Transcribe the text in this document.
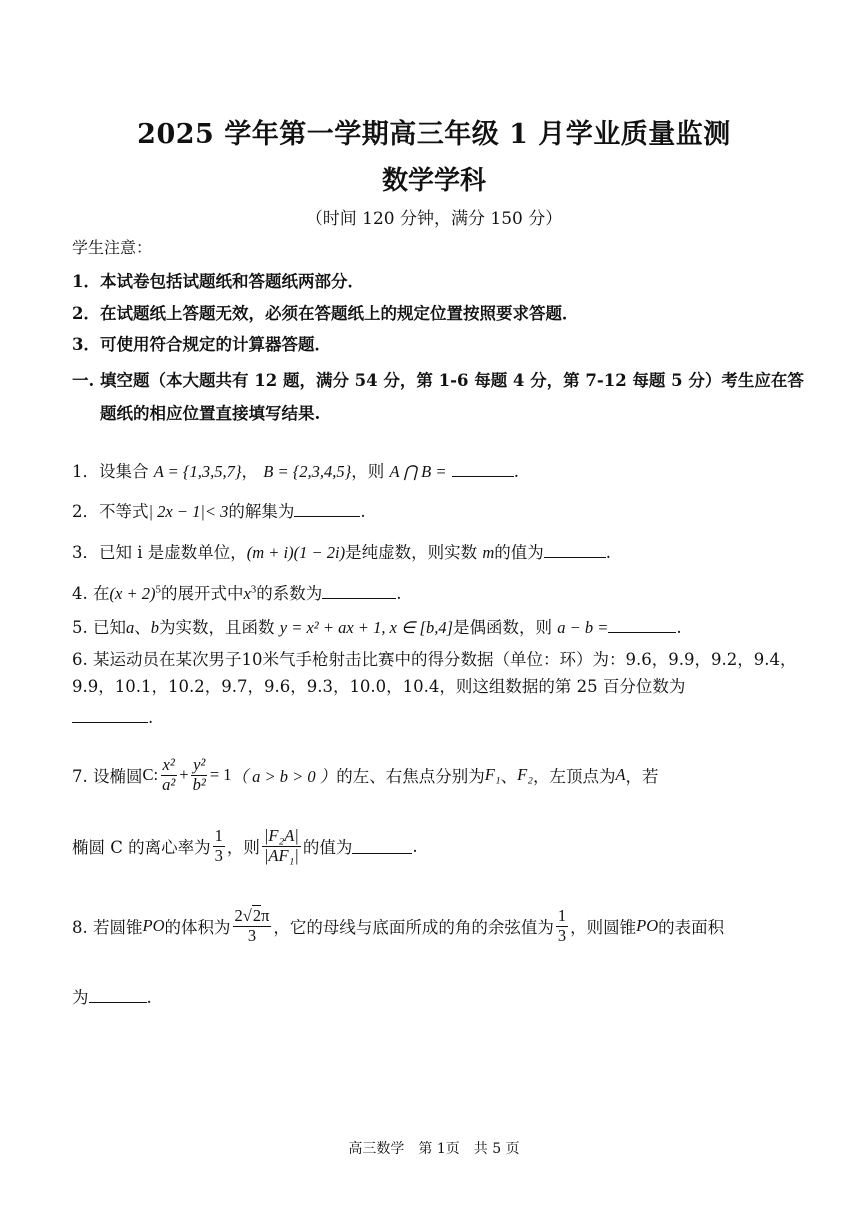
2025 学年第一学期高三年级 1 月学业质量监测
数学学科
（时间 120 分钟，满分 150 分）
学生注意：
1．本试卷包括试题纸和答题纸两部分．
2．在试题纸上答题无效，必须在答题纸上的规定位置按照要求答题．
3．可使用符合规定的计算器答题．
一. 填空题（本大题共有 12 题，满分 54 分，第 1-6 每题 4 分，第 7-12 每题 5 分）考生应在答
题纸的相应位置直接填写结果.
1．设集合 A = {1,3,5,7}， B = {2,3,4,5}，则 A ⋂ B =	.
2．不等式| 2x − 1|< 3的解集为	.
3．已知 i 是虚数单位，(m + i)(1 − 2i)是纯虚数，则实数 m的值为	.
4. 在$(x + 2)^5$的展开式中$x^3$的系数为	.
5. 已知a、b为实数，且函数 y = x² + ax + 1, x ∈ [b,4]是偶函数，则 a − b =	.
6. 某运动员在某次男子10米气手枪射击比赛中的得分数据（单位：环）为：9.6，9.9，9.2，9.4，
9.9，10.1，10.2，9.7，9.6，9.3，10.0，10.4，则这组数据的第 25 百分位数为
.
7. 设椭圆 C: $\frac{\text{x²}}{\text{a²}} + \frac{\text{y²}}{\text{b²}} = 1$ （ a > b > 0 ） 的左、右焦点分别为 F₁ 、 F₂ ，左顶点为 A ，若
椭圆 C 的离心率为 $\frac{1}{3}$ ，则 $\frac{\text{|F₂A|}}{\text{|AF₁|}}$ 的值为	.
8. 若圆锥 PO 的体积为 $\frac{2√2\pi}{3}$ ，它的母线与底面所成的角的余弦值为 $\frac{1}{3}$ ，则圆锥 PO 的表面积
为	.
高三数学　第 1页　共 5 页
